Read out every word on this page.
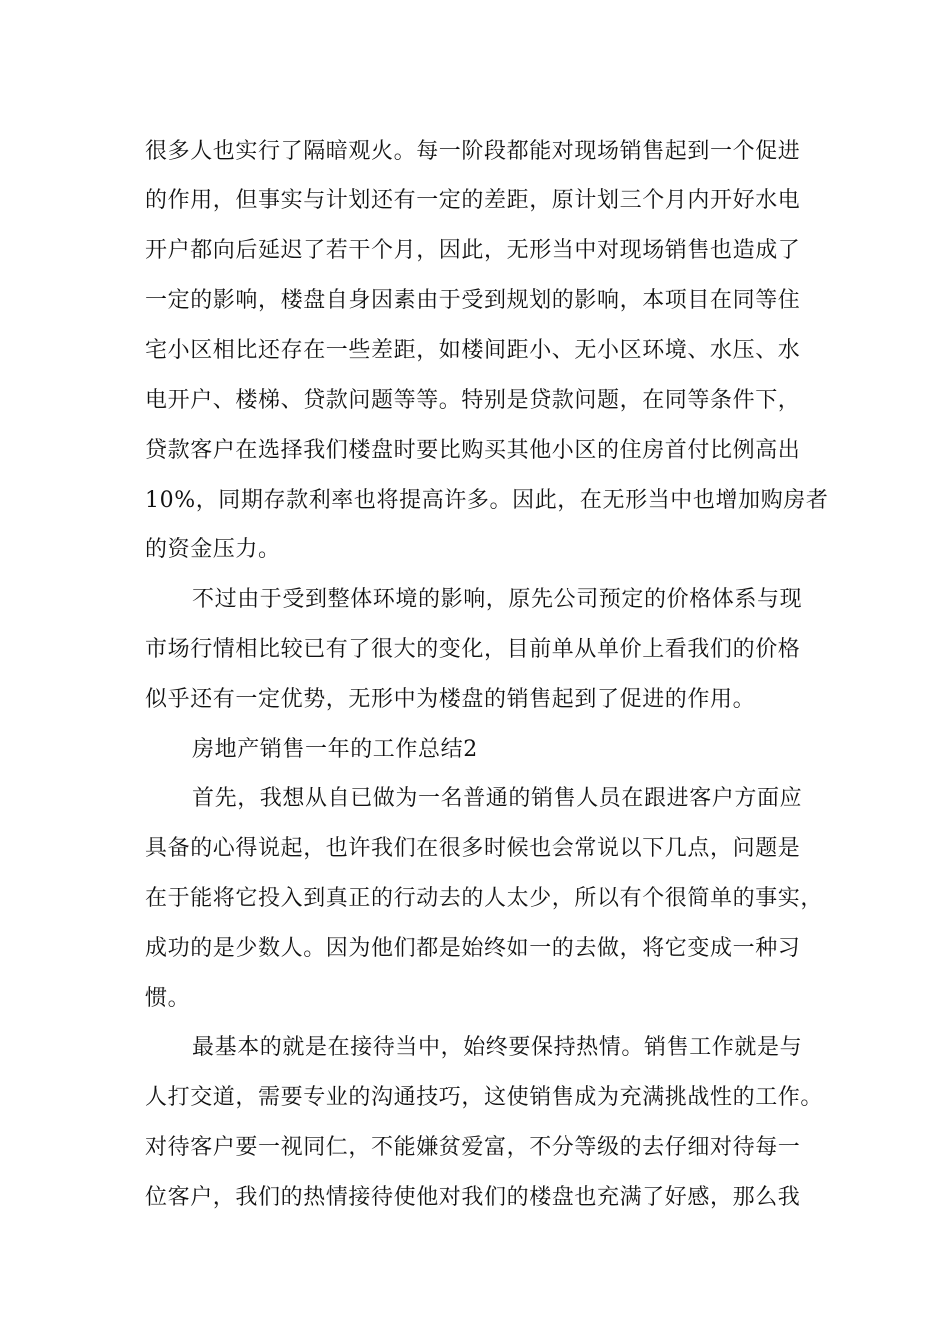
很多人也实行了隔暗观火。每一阶段都能对现场销售起到一个促进

的作用，但事实与计划还有一定的差距，原计划三个月内开好水电

开户都向后延迟了若干个月，因此，无形当中对现场销售也造成了

一定的影响，楼盘自身因素由于受到规划的影响，本项目在同等住

宅小区相比还存在一些差距，如楼间距小、无小区环境、水压、水

电开户、楼梯、贷款问题等等。特别是贷款问题，在同等条件下，

贷款客户在选择我们楼盘时要比购买其他小区的住房首付比例高出

10%，同期存款利率也将提高许多。因此，在无形当中也增加购房者

的资金压力。

不过由于受到整体环境的影响，原先公司预定的价格体系与现

市场行情相比较已有了很大的变化，目前单从单价上看我们的价格

似乎还有一定优势，无形中为楼盘的销售起到了促进的作用。

房地产销售一年的工作总结2

首先，我想从自已做为一名普通的销售人员在跟进客户方面应

具备的心得说起，也许我们在很多时候也会常说以下几点，问题是

在于能将它投入到真正的行动去的人太少，所以有个很简单的事实，

成功的是少数人。因为他们都是始终如一的去做，将它变成一种习

惯。

最基本的就是在接待当中，始终要保持热情。销售工作就是与

人打交道，需要专业的沟通技巧，这使销售成为充满挑战性的工作。

对待客户要一视同仁，不能嫌贫爱富，不分等级的去仔细对待每一

位客户，我们的热情接待使他对我们的楼盘也充满了好感，那么我
